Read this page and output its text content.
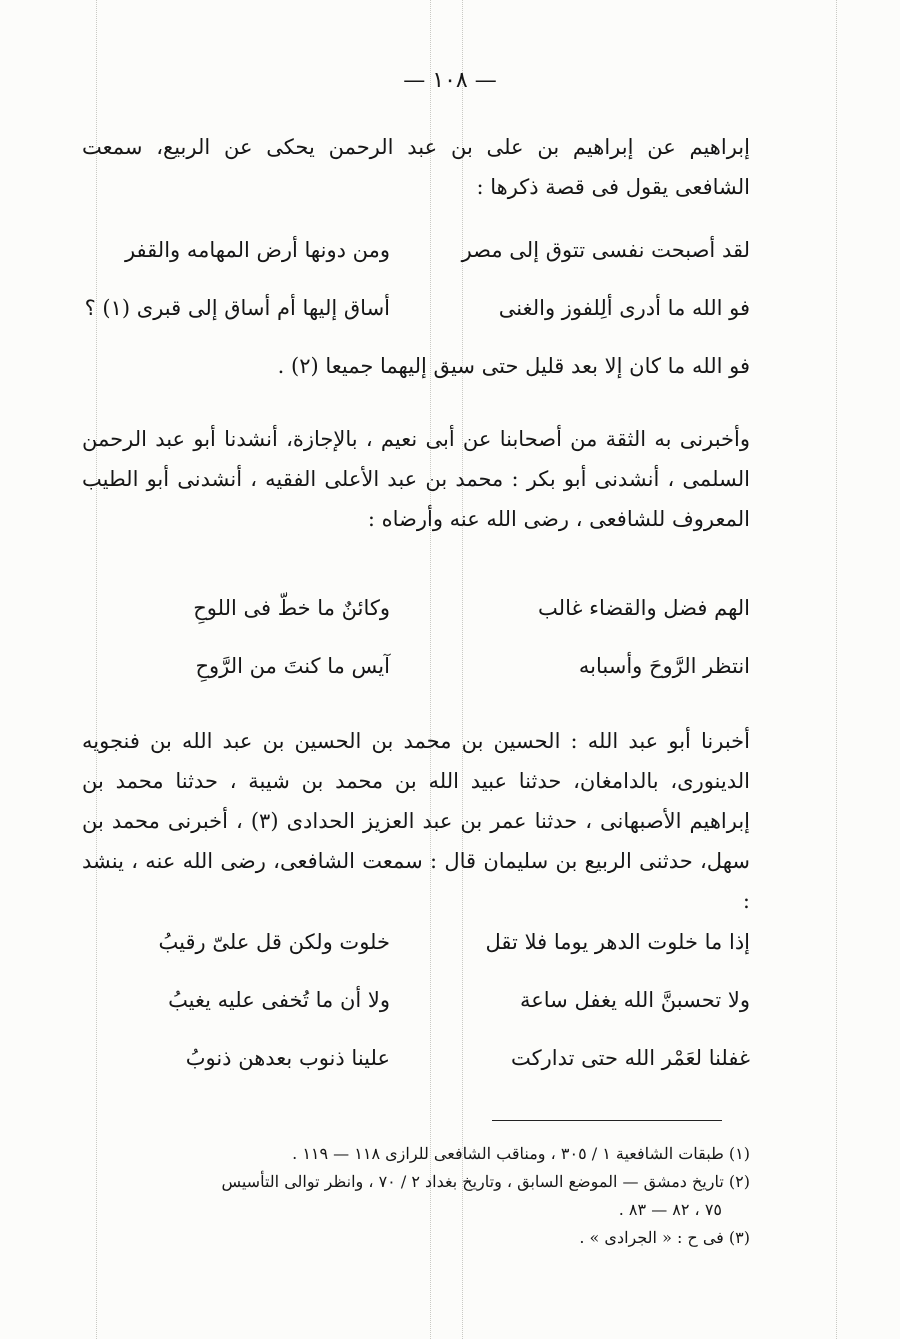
— ١٠٨ —

إبراهيم عن إبراهيم بن على بن عبد الرحمن يحكى عن الربيع، سمعت الشافعى يقول فى قصة ذكرها :

لقد أصبحت نفسى تتوق إلى مصر
ومن دونها أرض المهامه والقفر
فو الله ما أدرى ألِلفوز والغنى
أساق إليها أم أساق إلى قبرى (١) ؟
فو الله ما كان إلا بعد قليل حتى سيق إليهما جميعا (٢) .

وأخبرنى به الثقة من أصحابنا عن أبى نعيم ، بالإجازة، أنشدنا أبو عبد الرحمن السلمى ، أنشدنى أبو بكر : محمد بن عبد الأعلى الفقيه ، أنشدنى أبو الطيب المعروف للشافعى ، رضى الله عنه وأرضاه :

الهم فضل والقضاء غالب
وكائنٌ ما خطّ فى اللوحِ
انتظر الرَّوحَ وأسبابه
آيس ما كنتَ من الرَّوحِ

أخبرنا أبو عبد الله : الحسين بن محمد بن الحسين بن عبد الله بن فنجويه الدينورى، بالدامغان، حدثنا عبيد الله بن محمد بن شيبة ، حدثنا محمد بن إبراهيم الأصبهانى ، حدثنا عمر بن عبد العزيز الحدادى (٣) ، أخبرنى محمد بن سهل، حدثنى الربيع بن سليمان قال : سمعت الشافعى، رضى الله عنه ، ينشد :

إذا ما خلوت الدهر يوما فلا تقل
خلوت ولكن قل علىّ رقيبُ
ولا تحسبنَّ الله يغفل ساعة
ولا أن ما تُخفى عليه يغيبُ
غفلنا لعَمْر الله حتى تداركت
علينا ذنوب بعدهن ذنوبُ
(١) طبقات الشافعية ١ / ٣٠٥ ، ومناقب الشافعى للرازى ١١٨ — ١١٩ .
(٢) تاريخ دمشق — الموضع السابق ، وتاريخ بغداد ٢ / ٧٠ ، وانظر توالى التأسيس
٧٥ ، ٨٢ — ٨٣ .
(٣) فى ح : « الجرادى » .
